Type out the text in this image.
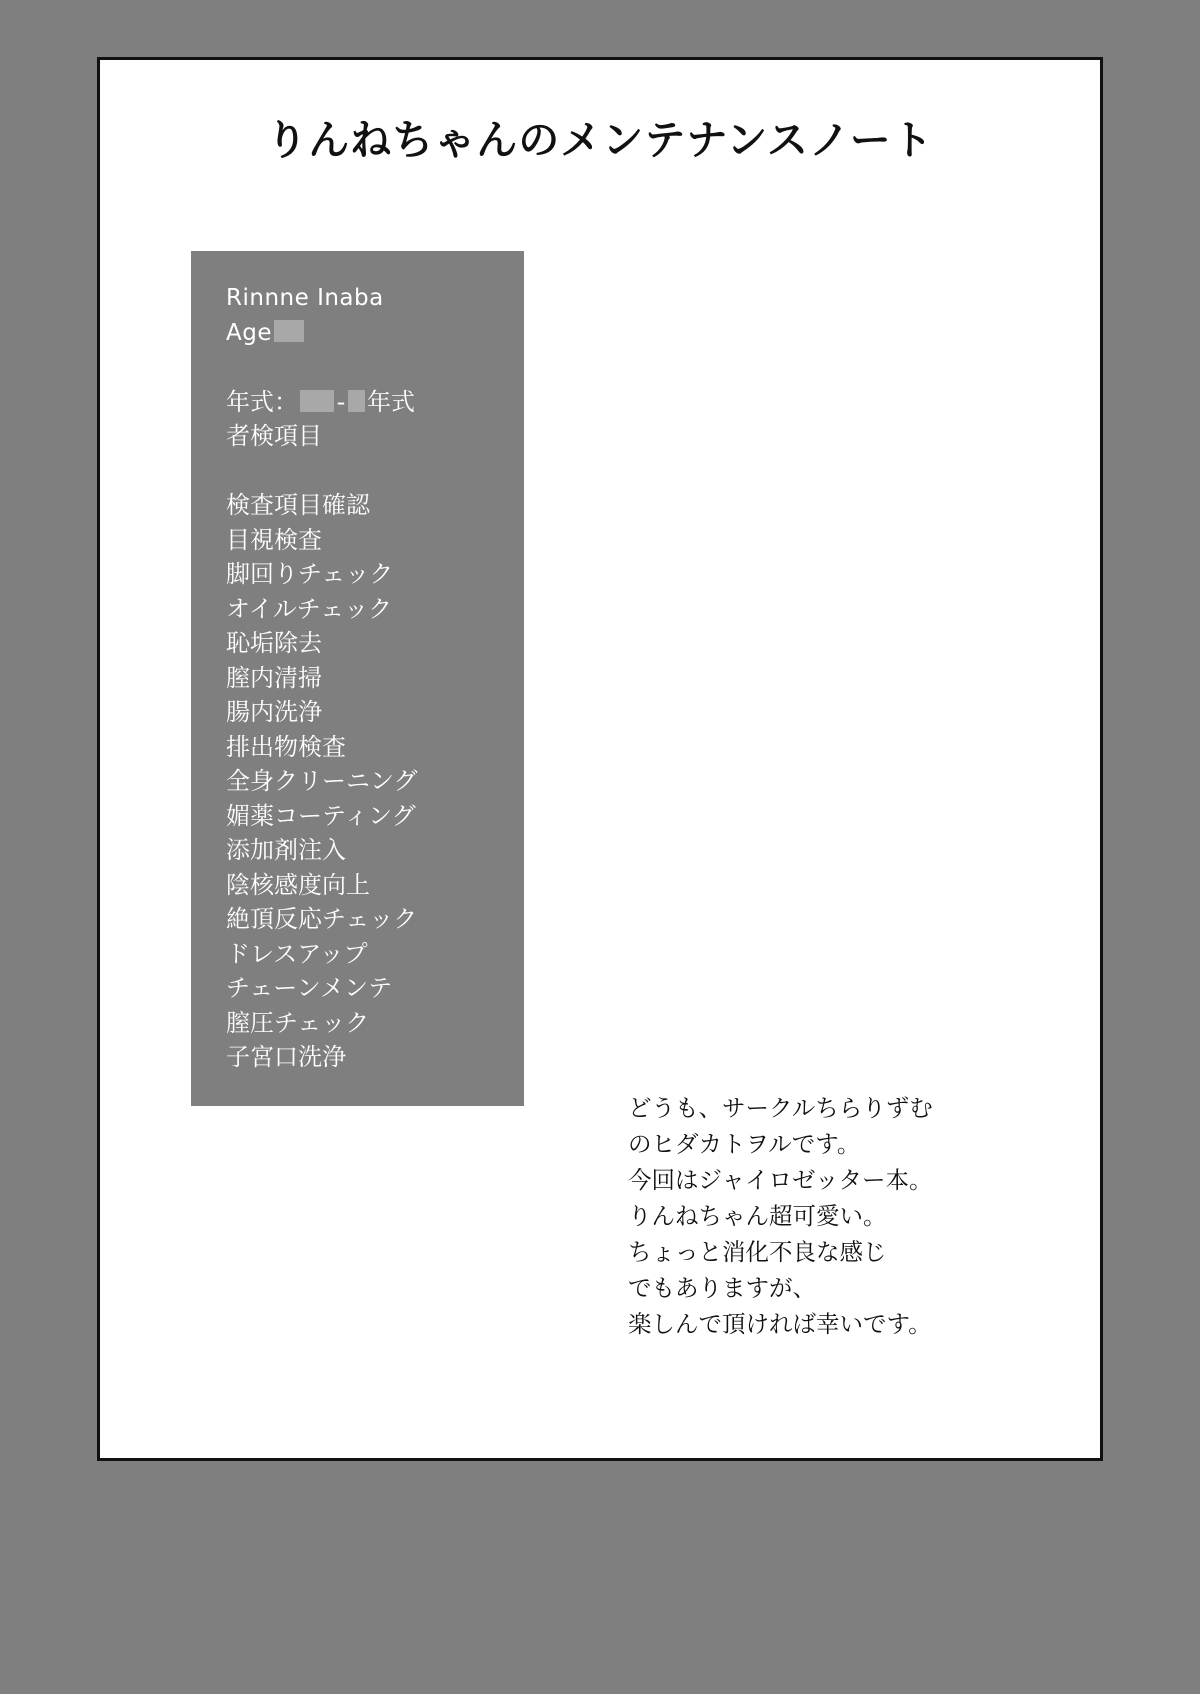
りんねちゃんのメンテナンスノート
Rinnne Inaba
Age
年式： - 年式
者検項目
検査項目確認
目視検査
脚回りチェック
オイルチェック
恥垢除去
膣内清掃
腸内洗浄
排出物検査
全身クリーニング
媚薬コーティング
添加剤注入
陰核感度向上
絶頂反応チェック
ドレスアップ
チェーンメンテ
膣圧チェック
子宮口洗浄
どうも、サークルちらりずむ
のヒダカトヲルです。
今回はジャイロゼッター本。
りんねちゃん超可愛い。
ちょっと消化不良な感じ
でもありますが、
楽しんで頂ければ幸いです。
